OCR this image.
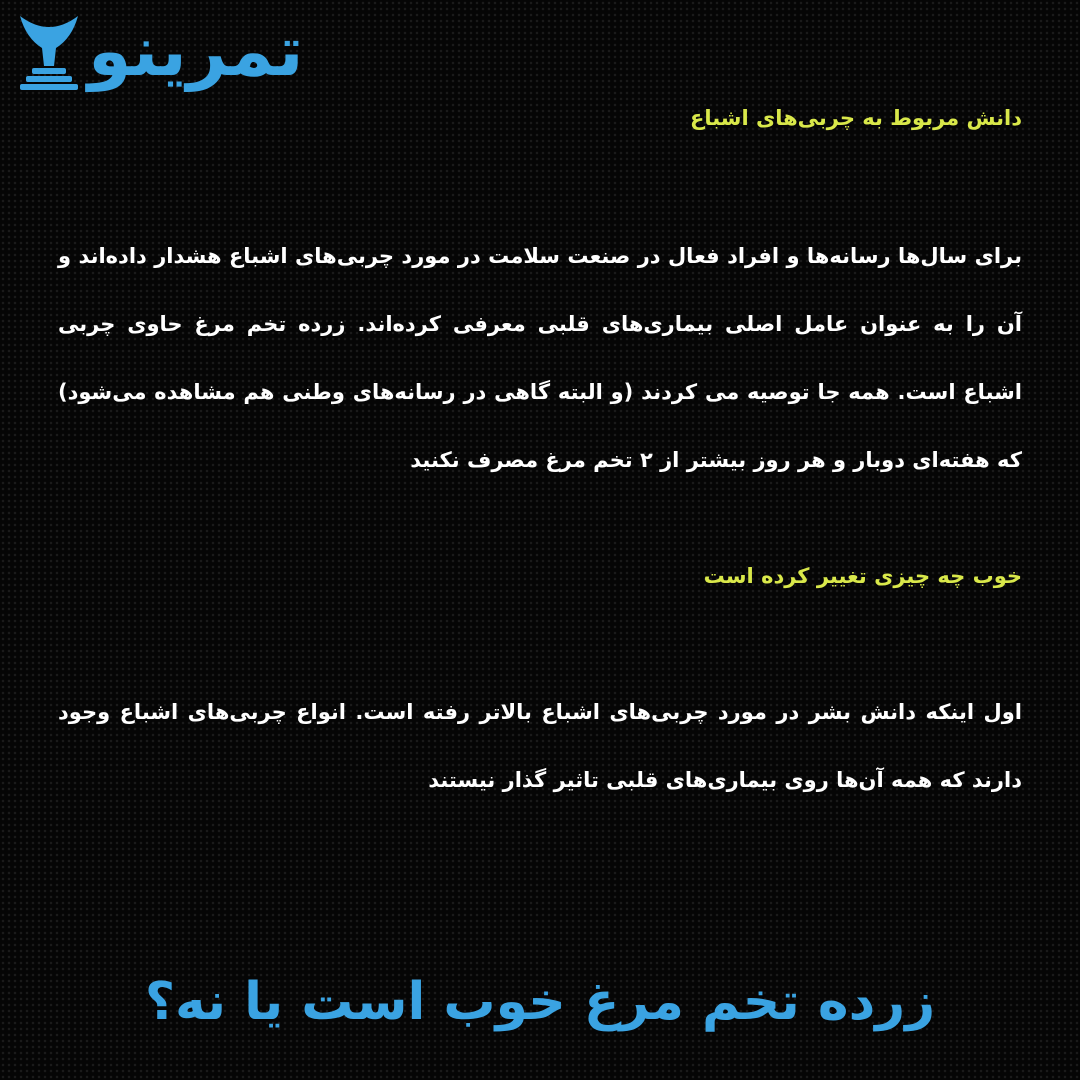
تمرینو
دانش مربوط به چربی‌های اشباع
برای سال‌ها رسانه‌ها و افراد فعال در صنعت سلامت در مورد چربی‌های اشباع هشدار داده‌اند و آن را به عنوان عامل اصلی بیماری‌های قلبی معرفی کرده‌اند. زرده تخم مرغ حاوی چربی اشباع است. همه جا توصیه می کردند (و البته گاهی در رسانه‌های وطنی هم مشاهده می‌شود) که هفته‌ای دوبار و هر روز بیشتر از ۲ تخم مرغ مصرف نکنید
خوب چه چیزی تغییر کرده است
اول اینکه دانش بشر در مورد چربی‌های اشباع بالاتر رفته است. انواع چربی‌های اشباع وجود دارند که همه آن‌ها روی بیماری‌های قلبی تاثیر گذار نیستند
زرده تخم مرغ خوب است یا نه؟
